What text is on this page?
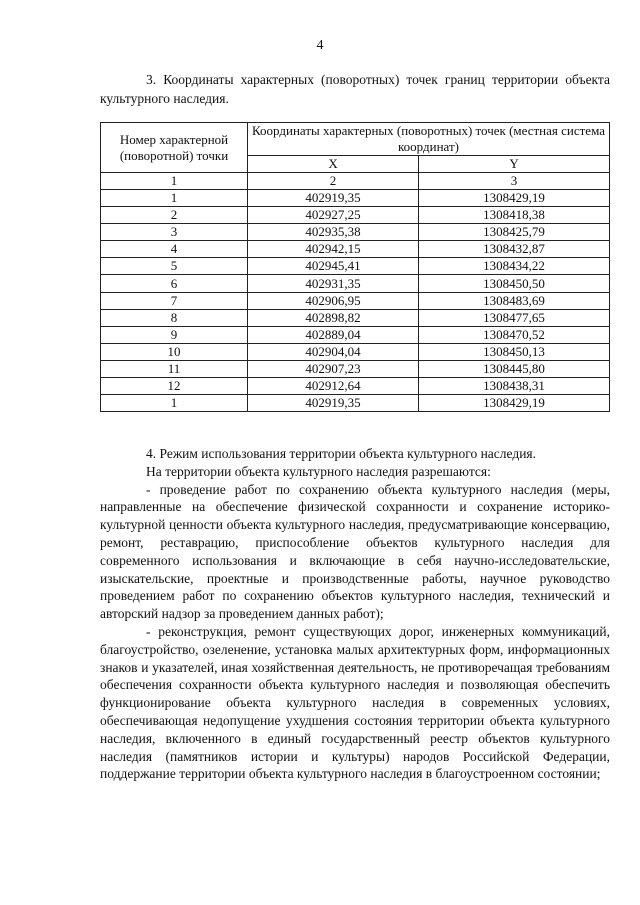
4
3. Координаты характерных (поворотных) точек границ территории объекта культурного наследия.
Номер характерной (поворотной) точки	Координаты характерных (поворотных) точек (местная система координат)	
	X	Y
1	2	3
1	402919,35	1308429,19
2	402927,25	1308418,38
3	402935,38	1308425,79
4	402942,15	1308432,87
5	402945,41	1308434,22
6	402931,35	1308450,50
7	402906,95	1308483,69
8	402898,82	1308477,65
9	402889,04	1308470,52
10	402904,04	1308450,13
11	402907,23	1308445,80
12	402912,64	1308438,31
1	402919,35	1308429,19

4. Режим использования территории объекта культурного наследия.

На территории объекта культурного наследия разрешаются:

- проведение работ по сохранению объекта культурного наследия (меры, направленные на обеспечение физической сохранности и сохранение историко-культурной ценности объекта культурного наследия, предусматривающие консервацию, ремонт, реставрацию, приспособление объектов культурного наследия для современного использования и включающие в себя научно-исследовательские, изыскательские, проектные и производственные работы, научное руководство проведением работ по сохранению объектов культурного наследия, технический и авторский надзор за проведением данных работ);

- реконструкция, ремонт существующих дорог, инженерных коммуникаций, благоустройство, озеленение, установка малых архитектурных форм, информационных знаков и указателей, иная хозяйственная деятельность, не противоречащая требованиям обеспечения сохранности объекта культурного наследия и позволяющая обеспечить функционирование объекта культурного наследия в современных условиях, обеспечивающая недопущение ухудшения состояния территории объекта культурного наследия, включенного в единый государственный реестр объектов культурного наследия (памятников истории и культуры) народов Российской Федерации, поддержание территории объекта культурного наследия в благоустроенном состоянии;
